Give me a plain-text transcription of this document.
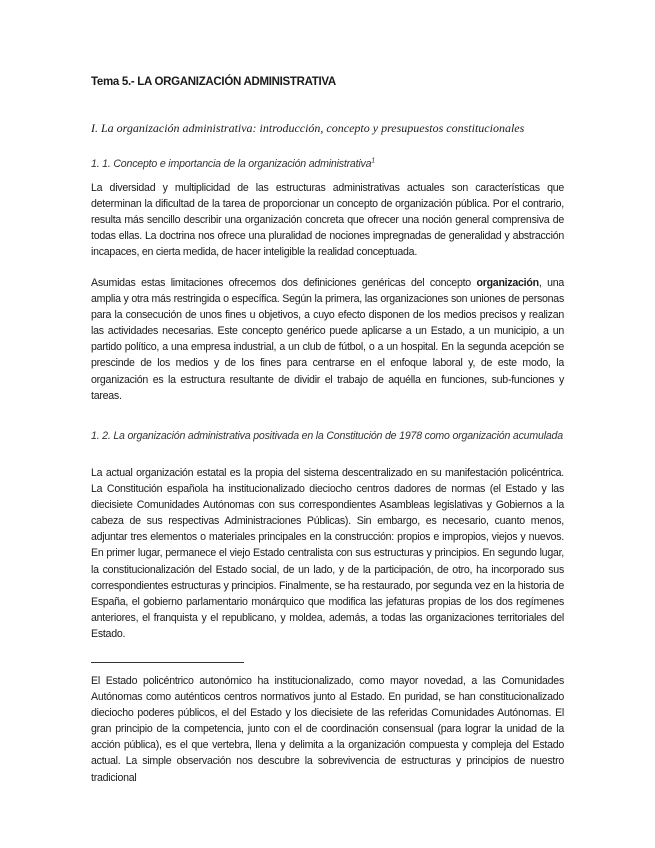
Tema 5.- LA ORGANIZACIÓN ADMINISTRATIVA
I. La organización administrativa: introducción, concepto y presupuestos constitucionales
1. 1. Concepto e importancia de la organización administrativa$^1$

La diversidad y multiplicidad de las estructuras administrativas actuales son características que determinan la dificultad de la tarea de proporcionar un concepto de organización pública. Por el contrario, resulta más sencillo describir una organización concreta que ofrecer una noción general comprensiva de todas ellas. La doctrina nos ofrece una pluralidad de nociones impregnadas de generalidad y abstracción incapaces, en cierta medida, de hacer inteligible la realidad conceptuada.

Asumidas estas limitaciones ofrecemos dos definiciones genéricas del concepto organización, una amplia y otra más restringida o específica. Según la primera, las organizaciones son uniones de personas para la consecución de unos fines u objetivos, a cuyo efecto disponen de los medios precisos y realizan las actividades necesarias. Este concepto genérico puede aplicarse a un Estado, a un municipio, a un partido político, a una empresa industrial, a un club de fútbol, o a un hospital. En la segunda acepción se prescinde de los medios y de los fines para centrarse en el enfoque laboral y, de este modo, la organización es la estructura resultante de dividir el trabajo de aquélla en funciones, sub-funciones y tareas.

1. 2. La organización administrativa positivada en la Constitución de 1978 como organización acumulada

La actual organización estatal es la propia del sistema descentralizado en su manifestación policéntrica. La Constitución española ha institucionalizado dieciocho centros dadores de normas (el Estado y las diecisiete Comunidades Autónomas con sus correspondientes Asambleas legislativas y Gobiernos a la cabeza de sus respectivas Administraciones Públicas). Sin embargo, es necesario, cuanto menos, adjuntar tres elementos o materiales principales en la construcción: propios e impropios, viejos y nuevos. En primer lugar, permanece el viejo Estado centralista con sus estructuras y principios. En segundo lugar, la constitucionalización del Estado social, de un lado, y de la participación, de otro, ha incorporado sus correspondientes estructuras y principios. Finalmente, se ha restaurado, por segunda vez en la historia de España, el gobierno parlamentario monárquico que modifica las jefaturas propias de los dos regímenes anteriores, el franquista y el republicano, y moldea, además, a todas las organizaciones territoriales del Estado.

El Estado policéntrico autonómico ha institucionalizado, como mayor novedad, a las Comunidades Autónomas como auténticos centros normativos junto al Estado. En puridad, se han constitucionalizado dieciocho poderes públicos, el del Estado y los diecisiete de las referidas Comunidades Autónomas. El gran principio de la competencia, junto con el de coordinación consensual (para lograr la unidad de la acción pública), es el que vertebra, llena y delimita a la organización compuesta y compleja del Estado actual. La simple observación nos descubre la sobrevivencia de estructuras y principios de nuestro tradicional
